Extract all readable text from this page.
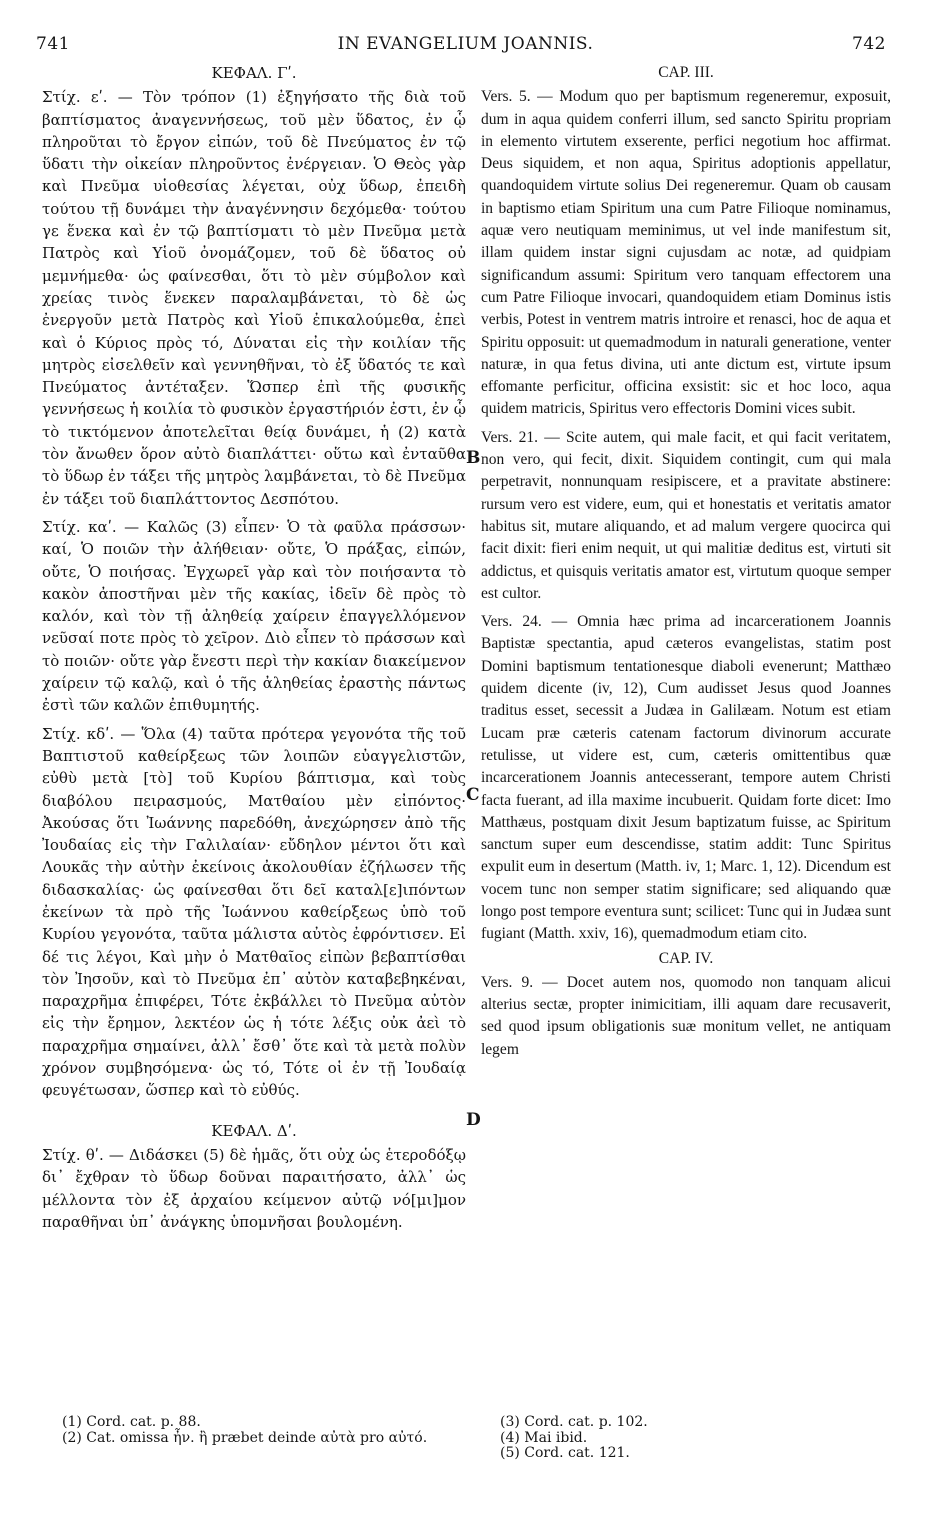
741	IN EVANGELIUM JOANNIS.	742

ΚΕΦΑΛ. Γʹ.

Στίχ. εʹ. — Τὸν τρόπον (1) ἐξηγήσατο τῆς διὰ τοῦ βαπτίσματος ἀναγεννήσεως, τοῦ μὲν ὕδατος, ἐν ᾧ πληροῦται τὸ ἔργον εἰπών, τοῦ δὲ Πνεύματος ἐν τῷ ὕδατι τὴν οἰκείαν πληροῦντος ἐνέργειαν. Ὁ Θεὸς γὰρ καὶ Πνεῦμα υἱοθεσίας λέγεται, οὐχ ὕδωρ, ἐπειδὴ τούτου τῇ δυνάμει τὴν ἀναγέννησιν δεχόμεθα· τούτου γε ἕνεκα καὶ ἐν τῷ βαπτίσματι τὸ μὲν Πνεῦμα μετὰ Πατρὸς καὶ Υἱοῦ ὀνομάζομεν, τοῦ δὲ ὕδατος οὐ μεμνήμεθα· ὡς φαίνεσθαι, ὅτι τὸ μὲν σύμβολον καὶ χρείας τινὸς ἕνεκεν παραλαμβάνεται, τὸ δὲ ὡς ἐνεργοῦν μετὰ Πατρὸς καὶ Υἱοῦ ἐπικαλούμεθα, ἐπεὶ καὶ ὁ Κύριος πρὸς τό, Δύναται εἰς τὴν κοιλίαν τῆς μητρὸς εἰσελθεῖν καὶ γεννηθῆναι, τὸ ἐξ ὕδατός τε καὶ Πνεύματος ἀντέταξεν. Ὥσπερ ἐπὶ τῆς φυσικῆς γεννήσεως ἡ κοιλία τὸ φυσικὸν ἐργαστήριόν ἐστι, ἐν ᾧ τὸ τικτόμενον ἀποτελεῖται θείᾳ δυνάμει, ἡ (2) κατὰ τὸν ἄνωθεν ὅρον αὐτὸ διαπλάττει· οὕτω καὶ ἐνταῦθα τὸ ὕδωρ ἐν τάξει τῆς μητρὸς λαμβάνεται, τὸ δὲ Πνεῦμα ἐν τάξει τοῦ διαπλάττοντος Δεσπότου.

Στίχ. καʹ. — Καλῶς (3) εἶπεν· Ὁ τὰ φαῦλα πράσσων· καί, Ὁ ποιῶν τὴν ἀλήθειαν· οὔτε, Ὁ πράξας, εἰπών, οὔτε, Ὁ ποιήσας. Ἐγχωρεῖ γὰρ καὶ τὸν ποιήσαντα τὸ κακὸν ἀποστῆναι μὲν τῆς κακίας, ἰδεῖν δὲ πρὸς τὸ καλόν, καὶ τὸν τῇ ἀληθείᾳ χαίρειν ἐπαγγελλόμενον νεῦσαί ποτε πρὸς τὸ χεῖρον. Διὸ εἶπεν τὸ πράσσων καὶ τὸ ποιῶν· οὔτε γὰρ ἔνεστι περὶ τὴν κακίαν διακείμενον χαίρειν τῷ καλῷ, καὶ ὁ τῆς ἀληθείας ἐραστὴς πάντως ἐστὶ τῶν καλῶν ἐπιθυμητής.

Στίχ. κδʹ. — Ὅλα (4) ταῦτα πρότερα γεγονότα τῆς τοῦ Βαπτιστοῦ καθείρξεως τῶν λοιπῶν εὐαγγελιστῶν, εὐθὺ μετὰ [τὸ] τοῦ Κυρίου βάπτισμα, καὶ τοὺς διαβόλου πειρασμούς, Ματθαίου μὲν εἰπόντος· Ἀκούσας ὅτι Ἰωάννης παρεδόθη, ἀνεχώρησεν ἀπὸ τῆς Ἰουδαίας εἰς τὴν Γαλιλαίαν· εὔδηλον μέντοι ὅτι καὶ Λουκᾶς τὴν αὐτὴν ἐκείνοις ἀκολουθίαν ἐζήλωσεν τῆς διδασκαλίας· ὡς φαίνεσθαι ὅτι δεῖ καταλ[ε]ιπόντων ἐκείνων τὰ πρὸ τῆς Ἰωάννου καθείρξεως ὑπὸ τοῦ Κυρίου γεγονότα, ταῦτα μάλιστα αὐτὸς ἐφρόντισεν. Εἰ δέ τις λέγοι, Καὶ μὴν ὁ Ματθαῖος εἰπὼν βεβαπτίσθαι τὸν Ἰησοῦν, καὶ τὸ Πνεῦμα ἐπ᾽ αὐτὸν καταβεβηκέναι, παραχρῆμα ἐπιφέρει, Τότε ἐκβάλλει τὸ Πνεῦμα αὐτὸν εἰς τὴν ἔρημον, λεκτέον ὡς ἡ τότε λέξις οὐκ ἀεὶ τὸ παραχρῆμα σημαίνει, ἀλλ᾽ ἔσθ᾽ ὅτε καὶ τὰ μετὰ πολὺν χρόνον συμβησόμενα· ὡς τό, Τότε οἱ ἐν τῇ Ἰουδαίᾳ φευγέτωσαν, ὥσπερ καὶ τὸ εὐθύς.

ΚΕΦΑΛ. Δʹ.

Στίχ. θʹ. — Διδάσκει (5) δὲ ἡμᾶς, ὅτι οὐχ ὡς ἑτεροδόξῳ δι᾽ ἔχθραν τὸ ὕδωρ δοῦναι παραιτήσατο, ἀλλ᾽ ὡς μέλλοντα τὸν ἐξ ἀρχαίου κείμενον αὐτῷ νό[μι]μον παραθῆναι ὑπ᾽ ἀνάγκης ὑπομνῆσαι βουλομένη.

CAP. III.

Vers. 5. — Modum quo per baptismum regeneremur, exposuit, dum in aqua quidem conferri illum, sed sancto Spiritu propriam in elemento virtutem exserente, perfici negotium hoc affirmat. Deus siquidem, et non aqua, Spiritus adoptionis appellatur, quandoquidem virtute solius Dei regeneremur. Quam ob causam in baptismo etiam Spiritum una cum Patre Filioque nominamus, aquæ vero neutiquam meminimus, ut vel inde manifestum sit, illam quidem instar signi cujusdam ac notæ, ad quidpiam significandum assumi: Spiritum vero tanquam effectorem una cum Patre Filioque invocari, quandoquidem etiam Dominus istis verbis, Potest in ventrem matris introire et renasci, hoc de aqua et Spiritu opposuit: ut quemadmodum in naturali generatione, venter naturæ, in qua fetus divina, uti ante dictum est, virtute ipsum effomante perficitur, officina exsistit: sic et hoc loco, aqua quidem matricis, Spiritus vero effectoris Domini vices subit.

Vers. 21. — Scite autem, qui male facit, et qui facit veritatem, non vero, qui fecit, dixit. Siquidem contingit, cum qui mala perpetravit, nonnunquam resipiscere, et a pravitate abstinere: rursum vero est videre, eum, qui et honestatis et veritatis amator habitus sit, mutare aliquando, et ad malum vergere quocirca qui facit dixit: fieri enim nequit, ut qui malitiæ deditus est, virtuti sit addictus, et quisquis veritatis amator est, virtutum quoque semper est cultor.

Vers. 24. — Omnia hæc prima ad incarcerationem Joannis Baptistæ spectantia, apud cæteros evangelistas, statim post Domini baptismum tentationesque diaboli evenerunt; Matthæo quidem dicente (iv, 12), Cum audisset Jesus quod Joannes traditus esset, secessit a Judæa in Galilæam. Notum est etiam Lucam præ cæteris catenam factorum divinorum accurate retulisse, ut videre est, cum, cæteris omittentibus quæ incarcerationem Joannis antecesserant, tempore autem Christi facta fuerant, ad illa maxime incubuerit. Quidam forte dicet: Imo Matthæus, postquam dixit Jesum baptizatum fuisse, ac Spiritum sanctum super eum descendisse, statim addit: Tunc Spiritus expulit eum in desertum (Matth. iv, 1; Marc. 1, 12). Dicendum est vocem tunc non semper statim significare; sed aliquando quæ longo post tempore eventura sunt; scilicet: Tunc qui in Judæa sunt fugiant (Matth. xxiv, 16), quemadmodum etiam cito.

CAP. IV.

Vers. 9. — Docet autem nos, quomodo non tanquam alicui alterius sectæ, propter inimicitiam, illi aquam dare recusaverit, sed quod ipsum obligationis suæ monitum vellet, ne antiquam legem

B
C
D

(1) Cord. cat. p. 88.

(2) Cat. omissa ἦν. ἢ præbet deinde αὐτὰ pro αὐτό.

(3) Cord. cat. p. 102.

(4) Mai ibid.

(5) Cord. cat. 121.
